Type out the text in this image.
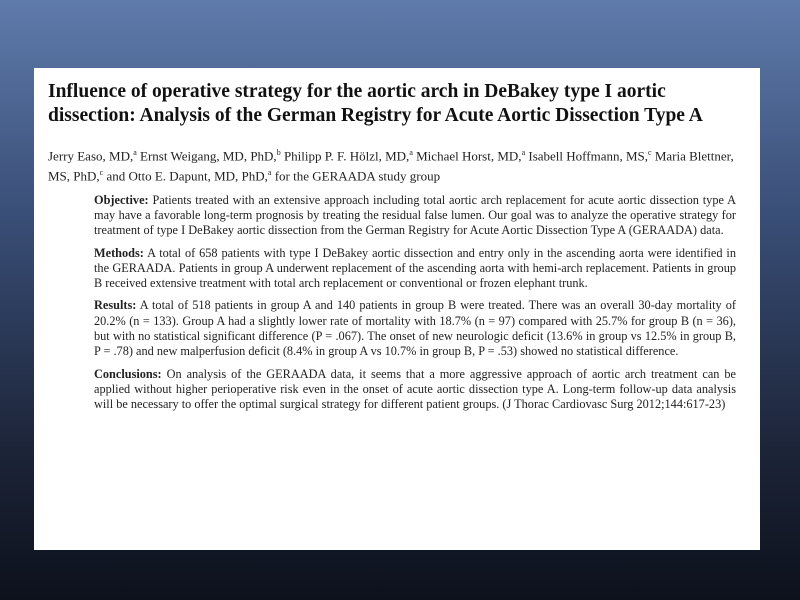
Influence of operative strategy for the aortic arch in DeBakey type I aortic dissection: Analysis of the German Registry for Acute Aortic Dissection Type A
Jerry Easo, MD,$^a$ Ernst Weigang, MD, PhD,$^b$ Philipp P. F. Hölzl, MD,$^a$ Michael Horst, MD,$^a$ Isabell Hoffmann, MS,$^c$ Maria Blettner, MS, PhD,$^c$ and Otto E. Dapunt, MD, PhD,$^a$ for the GERAADA study group

Objective: Patients treated with an extensive approach including total aortic arch replacement for acute aortic dissection type A may have a favorable long-term prognosis by treating the residual false lumen. Our goal was to analyze the operative strategy for treatment of type I DeBakey aortic dissection from the German Registry for Acute Aortic Dissection Type A (GERAADA) data.

Methods: A total of 658 patients with type I DeBakey aortic dissection and entry only in the ascending aorta were identified in the GERAADA. Patients in group A underwent replacement of the ascending aorta with hemi-arch replacement. Patients in group B received extensive treatment with total arch replacement or conventional or frozen elephant trunk.

Results: A total of 518 patients in group A and 140 patients in group B were treated. There was an overall 30-day mortality of 20.2% (n = 133). Group A had a slightly lower rate of mortality with 18.7% (n = 97) compared with 25.7% for group B (n = 36), but with no statistical significant difference (P = .067). The onset of new neurologic deficit (13.6% in group vs 12.5% in group B, P = .78) and new malperfusion deficit (8.4% in group A vs 10.7% in group B, P = .53) showed no statistical difference.

Conclusions: On analysis of the GERAADA data, it seems that a more aggressive approach of aortic arch treatment can be applied without higher perioperative risk even in the onset of acute aortic dissection type A. Long-term follow-up data analysis will be necessary to offer the optimal surgical strategy for different patient groups. (J Thorac Cardiovasc Surg 2012;144:617-23)
